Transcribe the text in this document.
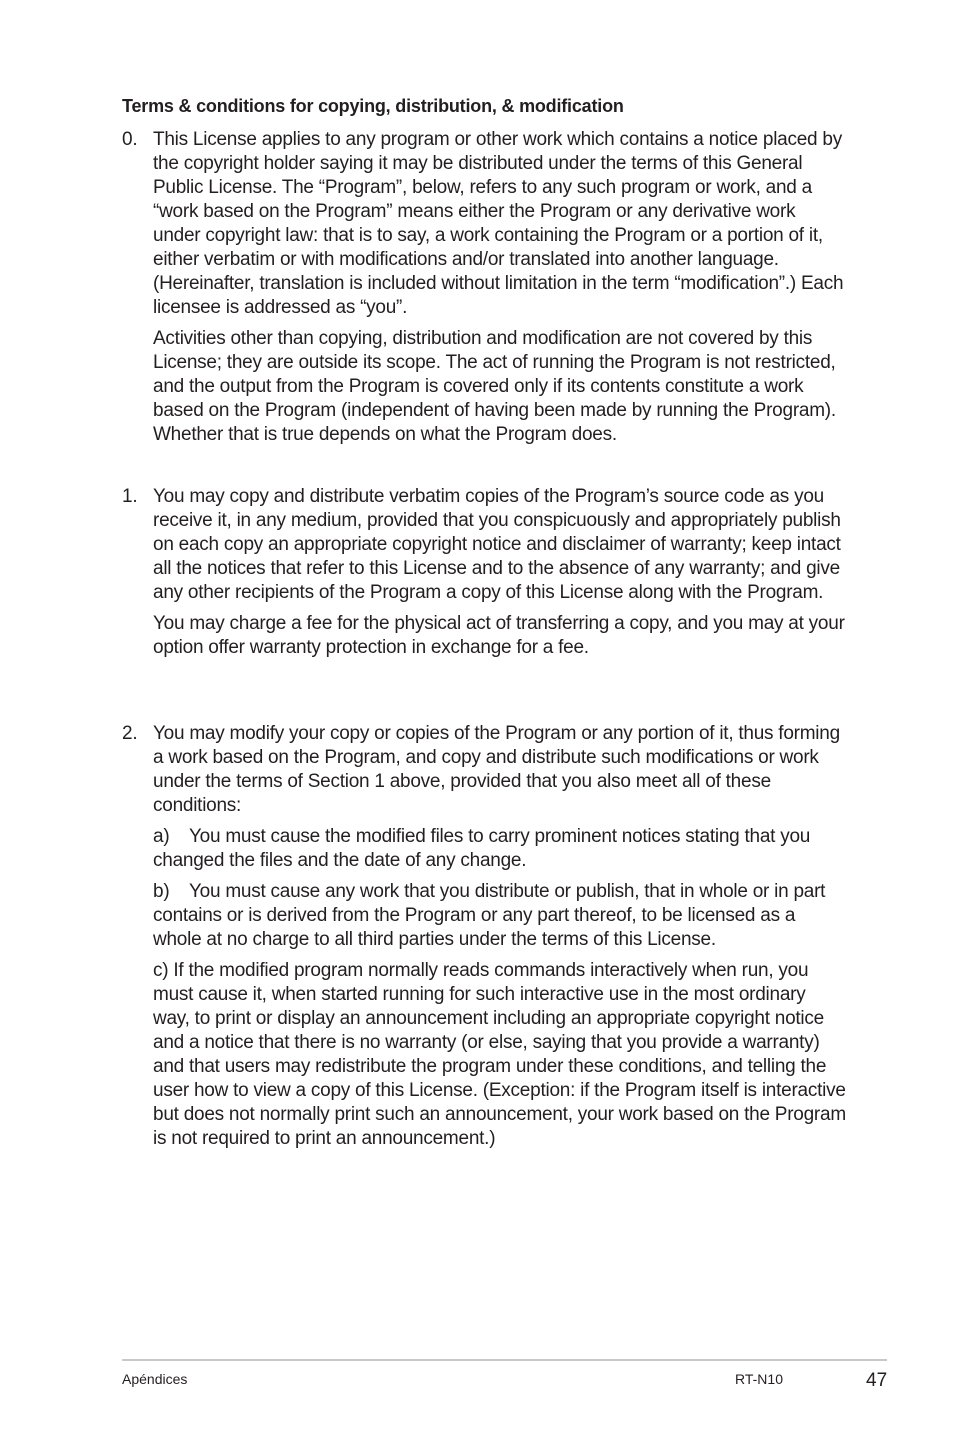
Terms & conditions for copying, distribution, & modification
0. This License applies to any program or other work which contains a notice placed by the copyright holder saying it may be distributed under the terms of this General Public License. The “Program”, below, refers to any such program or work, and a “work based on the Program” means either the Program or any derivative work under copyright law: that is to say, a work containing the Program or a portion of it, either verbatim or with modifications and/or translated into another language. (Hereinafter, translation is included without limitation in the term “modification”.) Each licensee is addressed as “you”.

Activities other than copying, distribution and modification are not covered by this License; they are outside its scope. The act of running the Program is not restricted, and the output from the Program is covered only if its contents constitute a work based on the Program (independent of having been made by running the Program). Whether that is true depends on what the Program does.

1. You may copy and distribute verbatim copies of the Program’s source code as you receive it, in any medium, provided that you conspicuously and appropriately publish on each copy an appropriate copyright notice and disclaimer of warranty; keep intact all the notices that refer to this License and to the absence of any warranty; and give any other recipients of the Program a copy of this License along with the Program.

You may charge a fee for the physical act of transferring a copy, and you may at your option offer warranty protection in exchange for a fee.

2. You may modify your copy or copies of the Program or any portion of it, thus forming a work based on the Program, and copy and distribute such modifications or work under the terms of Section 1 above, provided that you also meet all of these conditions:

a) You must cause the modified files to carry prominent notices stating that you changed the files and the date of any change.

b) You must cause any work that you distribute or publish, that in whole or in part contains or is derived from the Program or any part thereof, to be licensed as a whole at no charge to all third parties under the terms of this License.

c) If the modified program normally reads commands interactively when run, you must cause it, when started running for such interactive use in the most ordinary way, to print or display an announcement including an appropriate copyright notice and a notice that there is no warranty (or else, saying that you provide a warranty) and that users may redistribute the program under these conditions, and telling the user how to view a copy of this License. (Exception: if the Program itself is interactive but does not normally print such an announcement, your work based on the Program is not required to print an announcement.)

Apéndices	RT-N10	47
